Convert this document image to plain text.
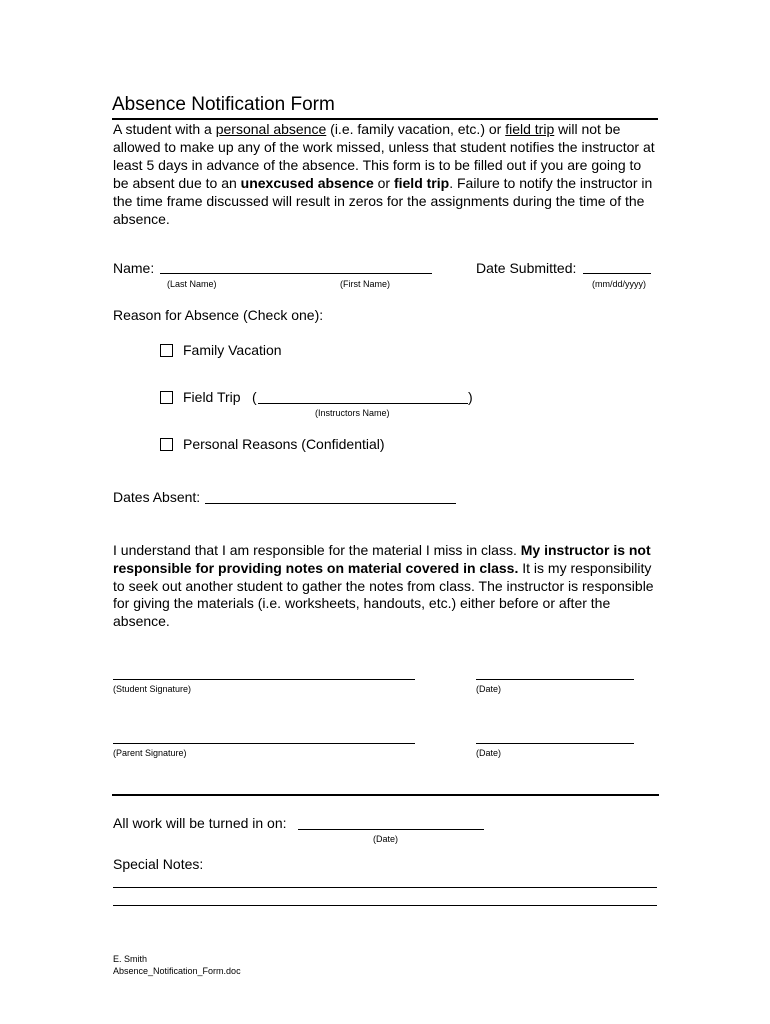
Absence Notification Form
A student with a personal absence (i.e. family vacation, etc.) or field trip will not be allowed to make up any of the work missed, unless that student notifies the instructor at least 5 days in advance of the absence. This form is to be filled out if you are going to be absent due to an unexcused absence or field trip. Failure to notify the instructor in the time frame discussed will result in zeros for the assignments during the time of the absence.
Name:
(Last Name)	(First Name)
Date Submitted:
(mm/dd/yyyy)
Reason for Absence (Check one):
Family Vacation
Field Trip (	)
(Instructors Name)
Personal Reasons (Confidential)
Dates Absent:
I understand that I am responsible for the material I miss in class. My instructor is not responsible for providing notes on material covered in class. It is my responsibility to seek out another student to gather the notes from class. The instructor is responsible for giving the materials (i.e. worksheets, handouts, etc.) either before or after the absence.
(Student Signature)	(Date)
(Parent Signature)	(Date)
All work will be turned in on:
(Date)
Special Notes:
E. Smith
Absence_Notification_Form.doc
